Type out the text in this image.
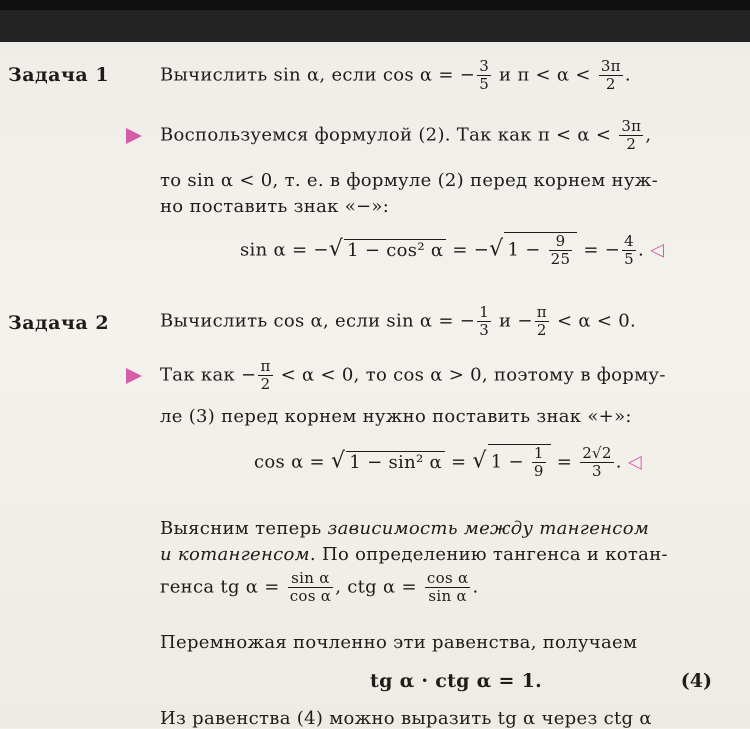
Задача 1	Вычислить sin α, если cos α = − $\frac{3}{5}$ и $\pi < \alpha < \frac{3\pi}{2}$ .
Воспользуемся формулой (2). Так как $\pi < \alpha < \frac{3\pi}{2}$ ,
то sin α < 0, т. е. в формуле (2) перед корнем нуж-
но поставить знак «−»:
sin α = −√ 1 − cos² α = −√ $1 - \frac{9}{25}$ = − $\frac{4}{5}$ . ◁
Задача 2	Вычислить cos α, если sin α = − $\frac{1}{3}$ $и - \frac{\pi}{2} < \alpha < 0$.
Так как − $\frac{\pi}{2} < \alpha < 0$, то cos α > 0, поэтому в форму-
ле (3) перед корнем нужно поставить знак «+»:
cos α = √ 1 − sin² α = √ $1 - \frac{1}{9} = \frac{2√2}{3}$ . ◁
Выясним теперь зависимость между тангенсом
и котангенсом. По определению тангенса и котан-
генса tg $\alpha = \frac{\text{sin α}}{\text{cos α}}$ , ctg $\alpha = \frac{\text{cos α}}{\text{sin α}}$ .
Перемножая почленно эти равенства, получаем
tg α · ctg α = 1.	(4)
Из равенства (4) можно выразить tg α через ctg α
